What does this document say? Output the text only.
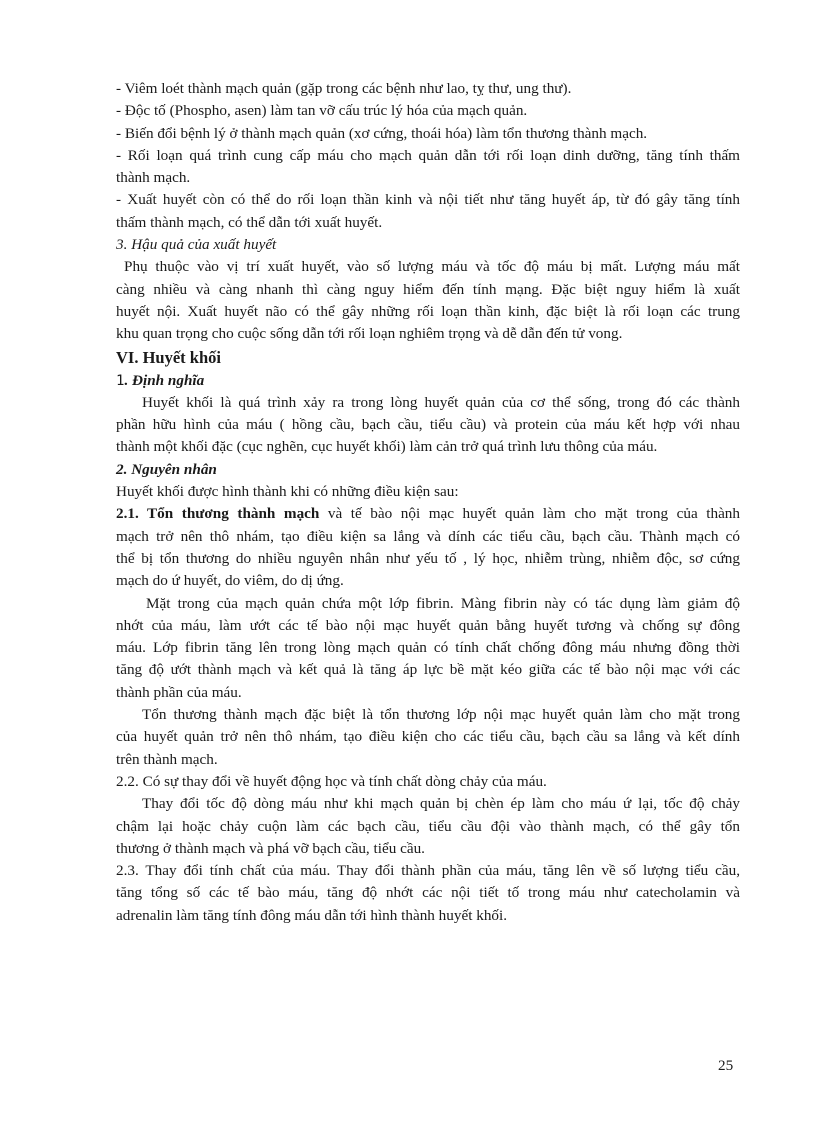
- Viêm loét thành mạch quản (gặp trong các bệnh như lao, tỵ thư, ung thư).

- Độc tố (Phospho, asen) làm tan vỡ cấu trúc lý hóa của mạch quản.

- Biến đổi bệnh lý ở thành mạch quản (xơ cứng, thoái hóa) làm tổn thương thành mạch.

- Rối loạn quá trình cung cấp máu cho mạch quản dẫn tới rối loạn dinh dưỡng, tăng tính thấm

thành mạch.

- Xuất huyết còn có thể do rối loạn thần kinh và nội tiết như tăng huyết áp, từ đó gây tăng tính

thấm thành mạch, có thể dẫn tới xuất huyết.

3. Hậu quả của xuất huyết

Phụ thuộc vào vị trí xuất huyết, vào số lượng máu và tốc độ máu bị mất. Lượng máu mất

càng nhiều và càng nhanh thì càng nguy hiểm đến tính mạng. Đặc biệt nguy hiểm là xuất

huyết nội. Xuất huyết não có thể gây những rối loạn thần kinh, đặc biệt là rối loạn các trung

khu quan trọng cho cuộc sống dẫn tới rối loạn nghiêm trọng và dễ dẫn đến tử vong.

VI. Huyết khối

1. Định nghĩa

Huyết khối là quá trình xảy ra trong lòng huyết quản của cơ thể sống, trong đó các thành

phần hữu hình của máu ( hồng cầu, bạch cầu, tiểu cầu) và protein của máu kết hợp với nhau

thành một khối đặc (cục nghẽn, cục huyết khối) làm cản trở quá trình lưu thông của máu.

2. Nguyên nhân

Huyết khối được hình thành khi có những điều kiện sau:

2.1. Tổn thương thành mạch và tế bào nội mạc huyết quản làm cho mặt trong của thành

mạch trở nên thô nhám, tạo điều kiện sa lắng và dính các tiểu cầu, bạch cầu. Thành mạch có

thể bị tổn thương do nhiều nguyên nhân như yếu tố , lý học, nhiễm trùng, nhiễm độc, sơ cứng

mạch do ứ huyết, do viêm, do dị ứng.

Mặt trong của mạch quản chứa một lớp fibrin. Màng fibrin này có tác dụng làm giảm độ

nhớt của máu, làm ướt các tế bào nội mạc huyết quản bằng huyết tương và chống sự đông

máu. Lớp fibrin tăng lên trong lòng mạch quản có tính chất chống đông máu nhưng đồng thời

tăng độ ướt thành mạch và kết quả là tăng áp lực bề mặt kéo giữa các tế bào nội mạc với các

thành phần của máu.

Tổn thương thành mạch đặc biệt là tổn thương lớp nội mạc huyết quản làm cho mặt trong

của huyết quản trở nên thô nhám, tạo điều kiện cho các tiểu cầu, bạch cầu sa lắng và kết dính

trên thành mạch.

2.2. Có sự thay đổi về huyết động học và tính chất dòng chảy của máu.

Thay đổi tốc độ dòng máu như khi mạch quản bị chèn ép làm cho máu ứ lại, tốc độ chảy

chậm lại hoặc chảy cuộn làm các bạch cầu, tiểu cầu đội vào thành mạch, có thể gây tổn

thương ở thành mạch và phá vỡ bạch cầu, tiểu cầu.

2.3. Thay đổi tính chất của máu. Thay đổi thành phần của máu, tăng lên về số lượng tiểu cầu,

tăng tổng số các tế bào máu, tăng độ nhớt các nội tiết tố trong máu như catecholamin và

adrenalin làm tăng tính đông máu dẫn tới hình thành huyết khối.

25
